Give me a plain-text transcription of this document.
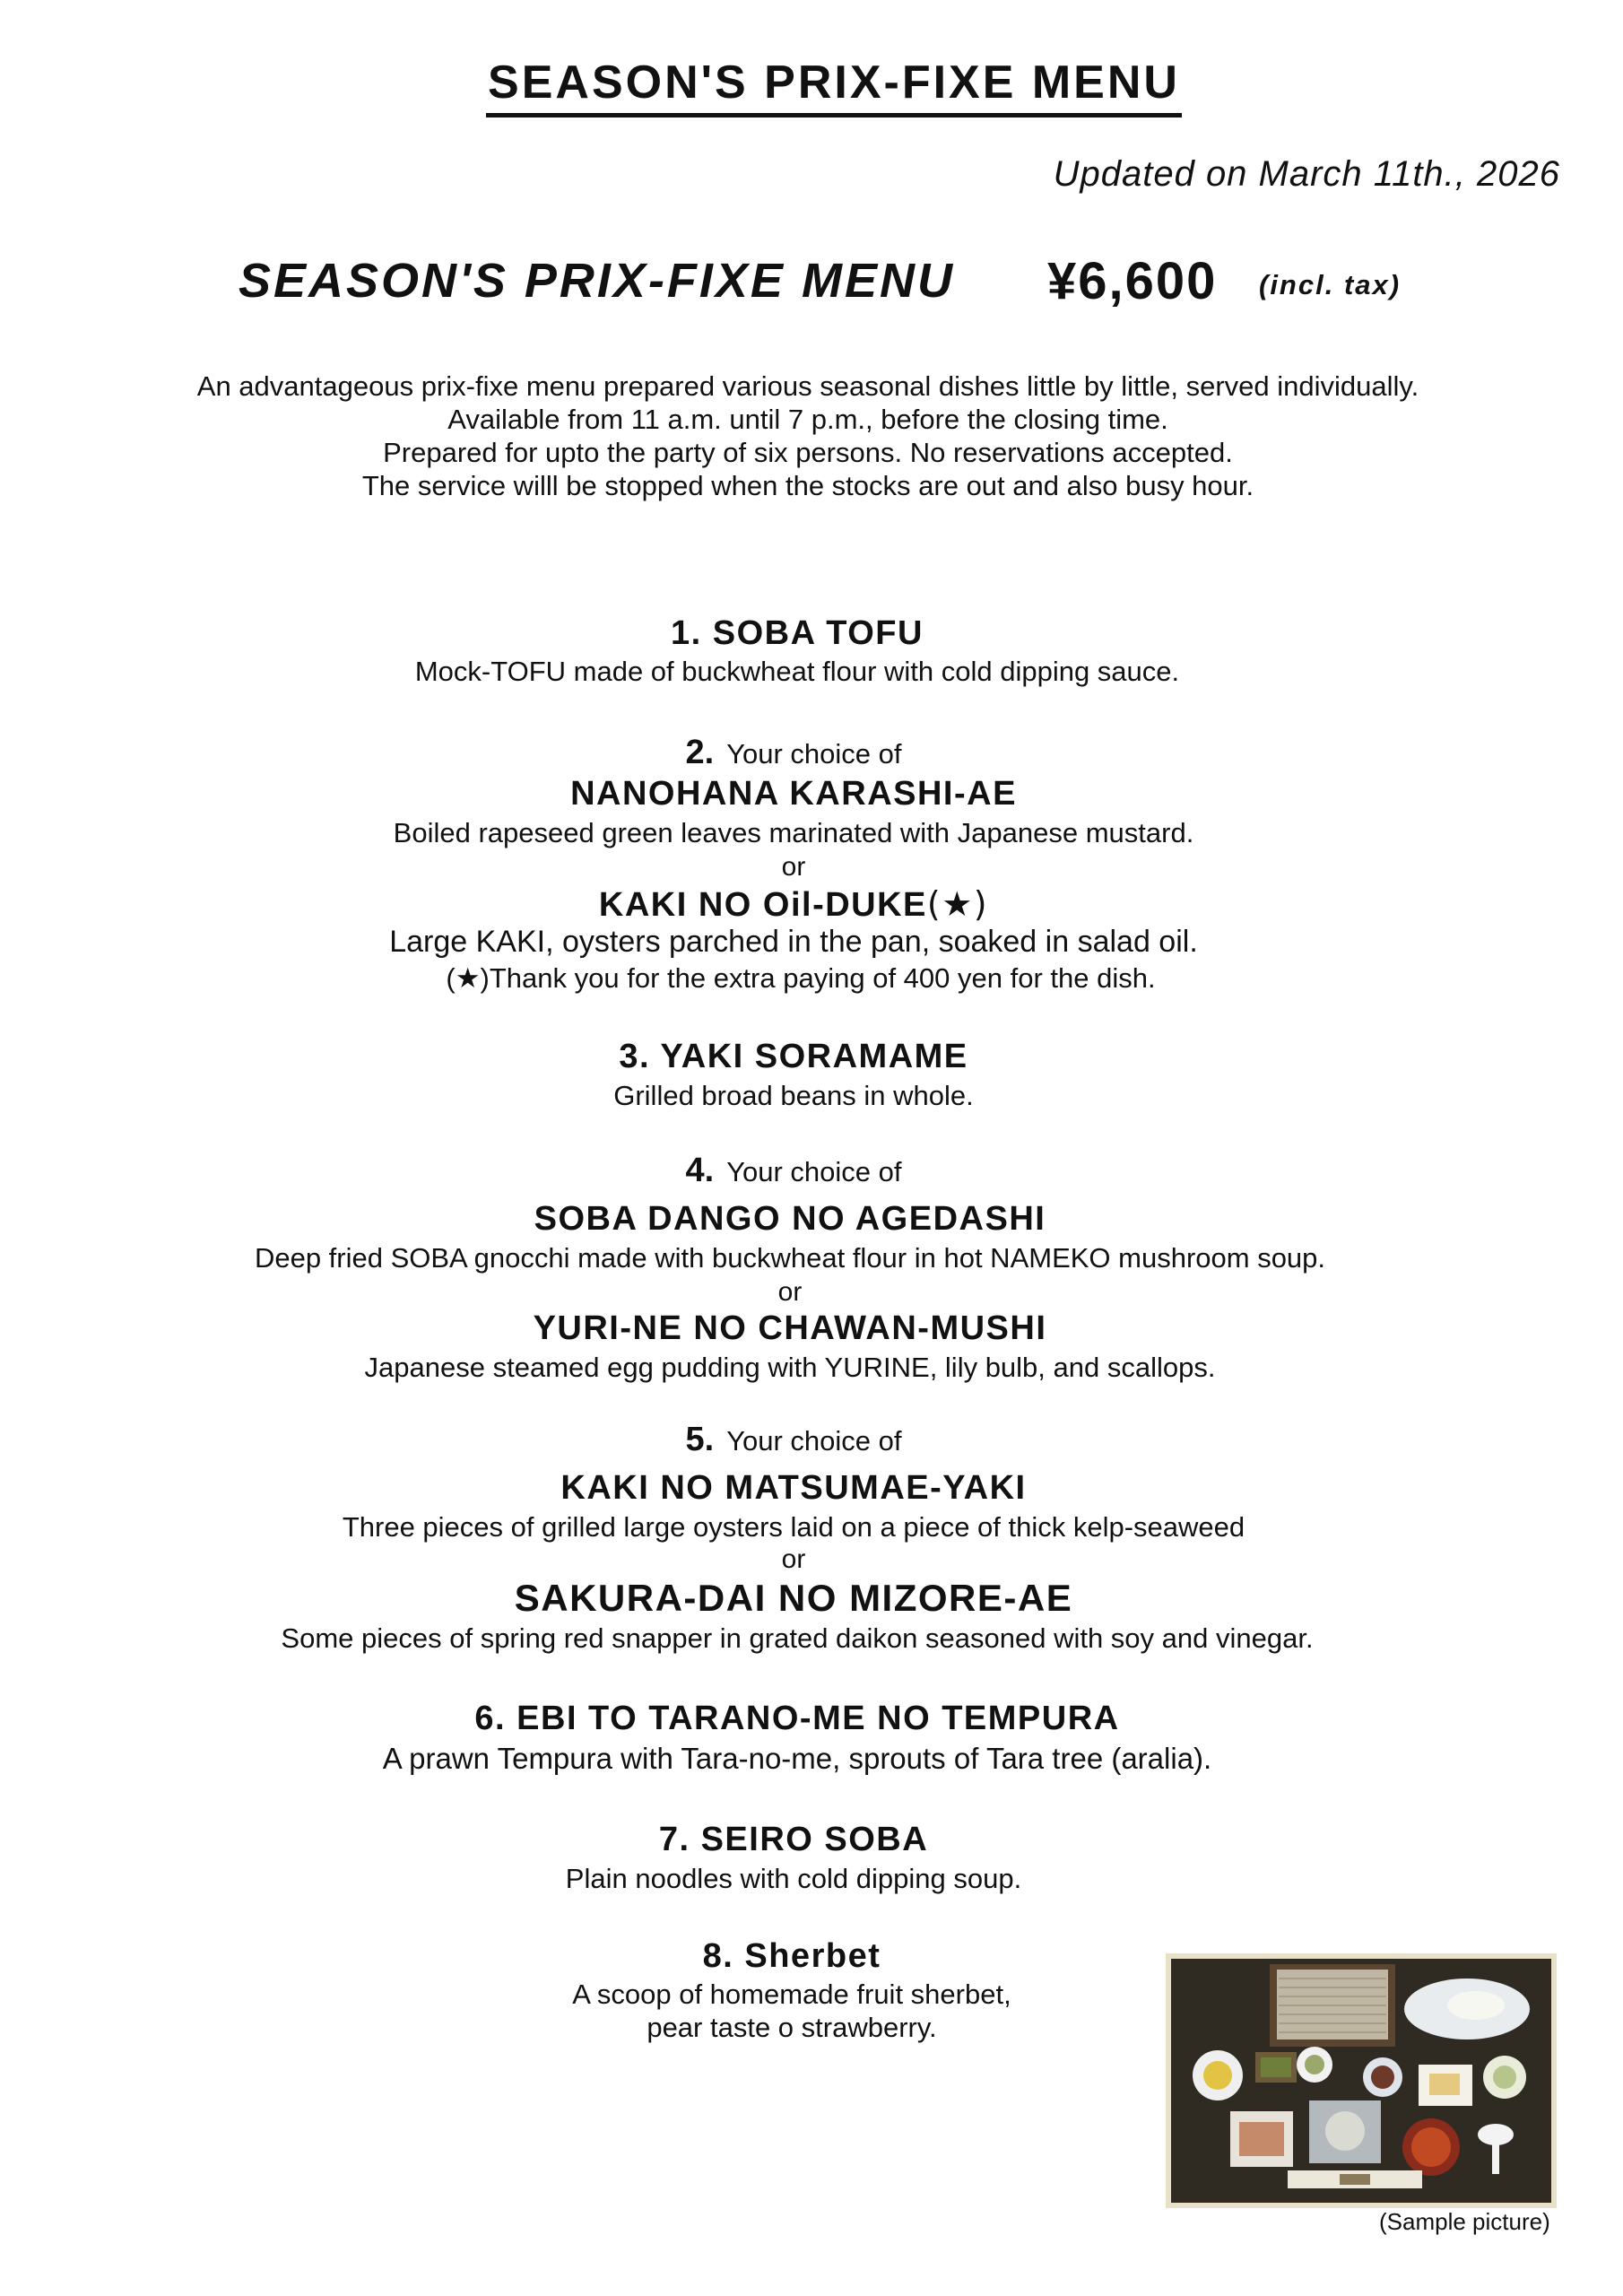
SEASON'S PRIX-FIXE MENU
Updated on March 11th., 2026
SEASON'S PRIX-FIXE MENU ¥6,600 (incl. tax)
An advantageous prix-fixe menu prepared various seasonal dishes little by little, served individually.
Available from 11 a.m. until 7 p.m., before the closing time.
Prepared for upto the party of six persons. No reservations accepted.
The service willl be stopped when the stocks are out and also busy hour.
1. SOBA TOFU
Mock-TOFU made of buckwheat flour with cold dipping sauce.
2. Your choice of
NANOHANA KARASHI-AE
Boiled rapeseed green leaves marinated with Japanese mustard.
or
KAKI NO Oil-DUKE(★)
Large KAKI, oysters parched in the pan, soaked in salad oil.
(★)Thank you for the extra paying of 400 yen for the dish.
3. YAKI SORAMAME
Grilled broad beans in whole.
4. Your choice of
SOBA DANGO NO AGEDASHI
Deep fried SOBA gnocchi made with buckwheat flour in hot NAMEKO mushroom soup.
or
YURI-NE NO CHAWAN-MUSHI
Japanese steamed egg pudding with YURINE, lily bulb, and scallops.
5. Your choice of
KAKI NO MATSUMAE-YAKI
Three pieces of grilled large oysters laid on a piece of thick kelp-seaweed
or
SAKURA-DAI NO MIZORE-AE
Some pieces of spring red snapper in grated daikon seasoned with soy and vinegar.
6. EBI TO TARANO-ME NO TEMPURA
A prawn Tempura with Tara-no-me, sprouts of Tara tree (aralia).
7. SEIRO SOBA
Plain noodles with cold dipping soup.
8. Sherbet
A scoop of homemade fruit sherbet,
pear taste o strawberry.
(Sample picture)
